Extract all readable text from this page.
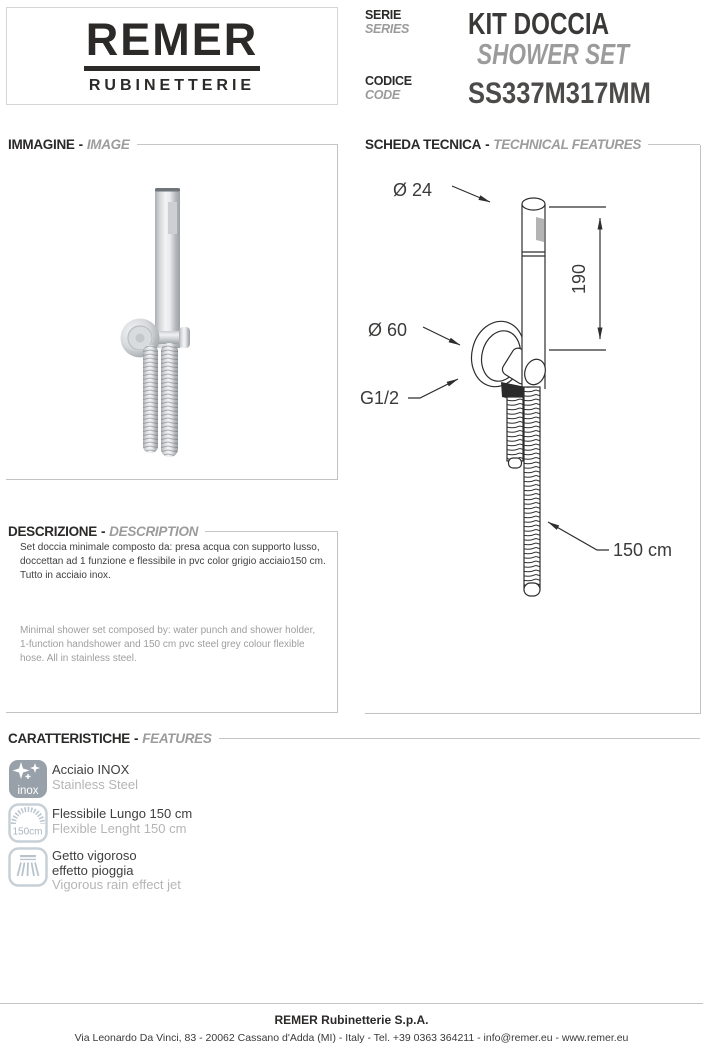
REMER
RUBINETTERIE
SERIE
SERIES KIT DOCCIA
SHOWER SET
CODICE
CODE	SS337M317MM
IMMAGINE - IMAGE	SCHEDA TECNICA - TECHNICAL FEATURES
DESCRIZIONE - DESCRIPTION
CARATTERISTICHE - FEATURES
Ø 24
190
Ø 60
G1/2
150 cm
Set doccia minimale composto da: presa acqua con supporto lusso, doccettan ad 1 funzione e flessibile in pvc color grigio acciaio150 cm. Tutto in acciaio inox.
Minimal shower set composed by: water punch and shower holder, 1-function handshower and 150 cm pvc steel grey colour flexible hose. All in stainless steel.
inox
Acciaio INOX
Stainless Steel
150cm
Flessibile Lungo 150 cm
Flexible Lenght 150 cm
Getto vigoroso
effetto pioggia
Vigorous rain effect jet
REMER Rubinetterie S.p.A.
Via Leonardo Da Vinci, 83 - 20062 Cassano d'Adda (MI) - Italy - Tel. +39 0363 364211 - info@remer.eu - www.remer.eu
